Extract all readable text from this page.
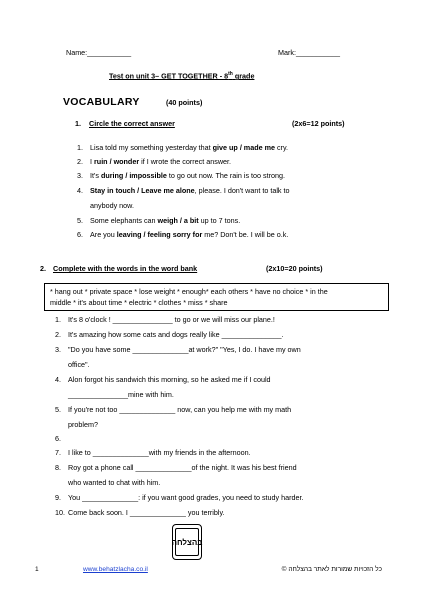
Name:___________	Mark:___________
Test on unit 3– GET TOGETHER - 8th grade
VOCABULARY	(40 points)
1. Circle the correct answer	(2x6=12 points)
1. Lisa told my something yesterday that give up / made me cry.
2. I ruin / wonder if I wrote the correct answer.
3. It's during / impossible to go out now. The rain is too strong.
4. Stay in touch / Leave me alone, please. I don't want to talk to
anybody now.
5. Some elephants can weigh / a bit up to 7 tons.
6. Are you leaving / feeling sorry for me? Don't be. I will be o.k.
2. Complete with the words in the word bank	(2x10=20 points)
* hang out * private space * lose weight * enough* each others * have no choice * in the
middle * it's about time * electric * clothes * miss * share
1. It's 8 o'clock ! _______________ to go or we will miss our plane.!
2. It's amazing how some cats and dogs really like _______________.
3. "Do you have some ______________at work?" "Yes, I do. I have my own
office".
4. Alon forgot his sandwich this morning, so he asked me if I could
_______________mine with him.
5. If you're not too ______________ now, can you help me with my math
problem?
6.
7. I like to ______________with my friends in the afternoon.
8. Roy got a phone call ______________of the night. It was his best friend
who wanted to chat with him.
9. You ______________: if you want good grades, you need to study harder.
10. Come back soon. I ______________ you terribly.
בהצלחה
1	www.behatzlacha.co.il	כל הזכויות שמורות לאתר בהצלחה ©
